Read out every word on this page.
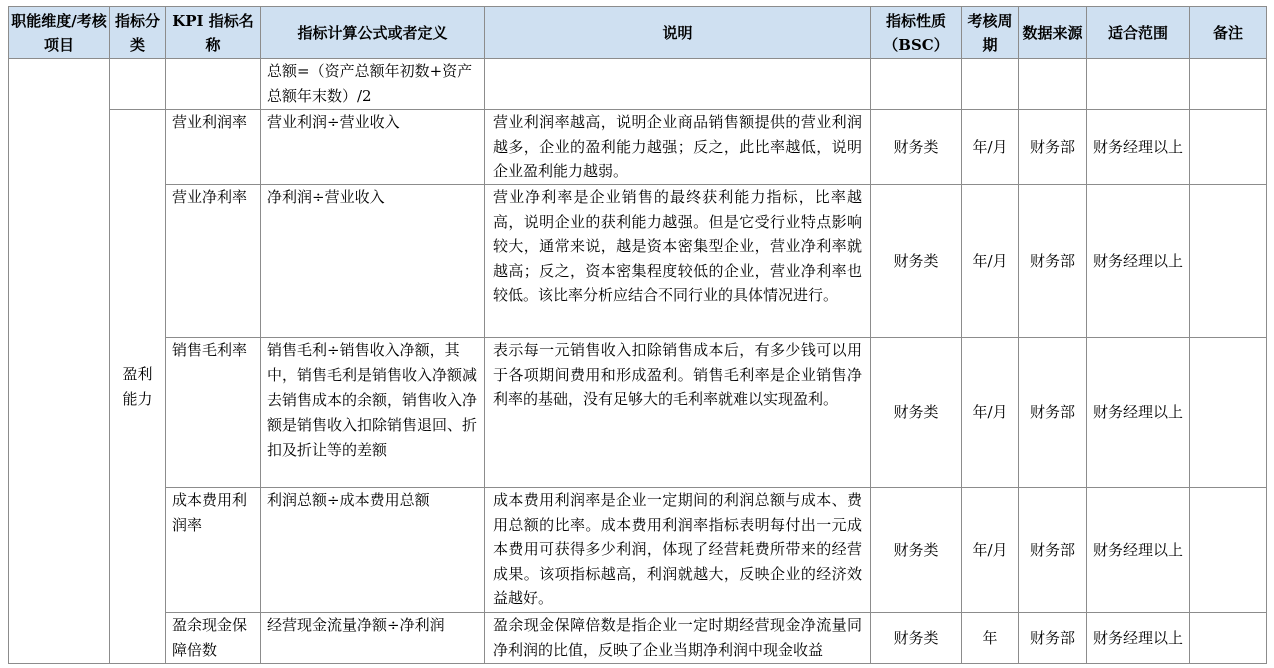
职能维度/考核项目	指标分类	KPI 指标名称	指标计算公式或者定义	说明	指标性质（BSC）	考核周期	数据来源	适合范围	备注
			总额=（资产总额年初数+资产总额年末数）/2						
	盈利能力	营业利润率	营业利润÷营业收入	营业利润率越高，说明企业商品销售额提供的营业利润越多，企业的盈利能力越强；反之，此比率越低，说明企业盈利能力越弱。	财务类	年/月	财务部	财务经理以上	
		营业净利率	净利润÷营业收入	营业净利率是企业销售的最终获利能力指标，比率越高，说明企业的获利能力越强。但是它受行业特点影响较大，通常来说，越是资本密集型企业，营业净利率就越高；反之，资本密集程度较低的企业，营业净利率也较低。该比率分析应结合不同行业的具体情况进行。	财务类	年/月	财务部	财务经理以上	
		销售毛利率	销售毛利÷销售收入净额，其中，销售毛利是销售收入净额减去销售成本的余额，销售收入净额是销售收入扣除销售退回、折扣及折让等的差额	表示每一元销售收入扣除销售成本后，有多少钱可以用于各项期间费用和形成盈利。销售毛利率是企业销售净利率的基础，没有足够大的毛利率就难以实现盈利。	财务类	年/月	财务部	财务经理以上	
		成本费用利润率	利润总额÷成本费用总额	成本费用利润率是企业一定期间的利润总额与成本、费用总额的比率。成本费用利润率指标表明每付出一元成本费用可获得多少利润，体现了经营耗费所带来的经营成果。该项指标越高，利润就越大，反映企业的经济效益越好。	财务类	年/月	财务部	财务经理以上	
		盈余现金保障倍数	经营现金流量净额÷净利润	盈余现金保障倍数是指企业一定时期经营现金净流量同净利润的比值，反映了企业当期净利润中现金收益	财务类	年	财务部	财务经理以上	
